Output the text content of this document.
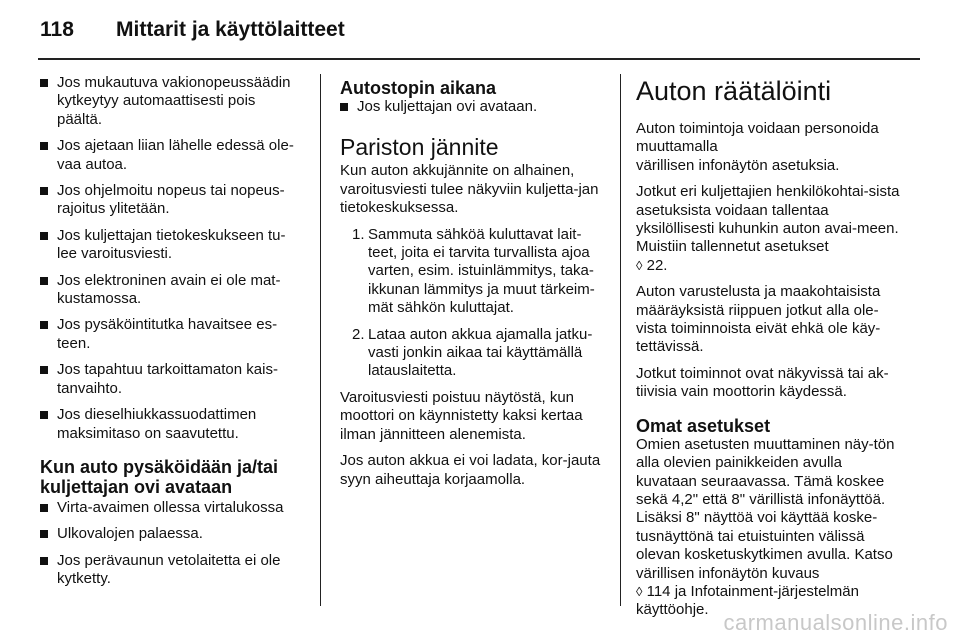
118 Mittarit ja käyttölaitteet
Jos mukautuva vakionopeussäädin kytkeytyy automaattisesti pois päältä.
Jos ajetaan liian lähelle edessä ole-vaa autoa.
Jos ohjelmoitu nopeus tai nopeus-rajoitus ylitetään.
Jos kuljettajan tietokeskukseen tu-lee varoitusviesti.
Jos elektroninen avain ei ole mat-kustamossa.
Jos pysäköintitutka havaitsee es-teen.
Jos tapahtuu tarkoittamaton kais-tanvaihto.
Jos dieselhiukkassuodattimen maksimitaso on saavutettu.
Kun auto pysäköidään ja/tai kuljettajan ovi avataan
Virta-avaimen ollessa virtalukossa
Ulkovalojen palaessa.
Jos perävaunun vetolaitetta ei ole kytketty.
Autostopin aikana
Jos kuljettajan ovi avataan.
Pariston jännite

Kun auton akkujännite on alhainen, varoitusviesti tulee näkyviin kuljetta-jan tietokeskuksessa.

1. Sammuta sähköä kuluttavat lait-teet, joita ei tarvita turvallista ajoa varten, esim. istuinlämmitys, taka-ikkunan lämmitys ja muut tärkeim-mät sähkön kuluttajat.
2. Lataa auton akkua ajamalla jatku-vasti jonkin aikaa tai käyttämällä latauslaitetta.

Varoitusviesti poistuu näytöstä, kun moottori on käynnistetty kaksi kertaa ilman jännitteen alenemista.

Jos auton akkua ei voi ladata, kor-jauta syyn aiheuttaja korjaamolla.

Auton räätälöinti

Auton toimintoja voidaan personoida muuttamalla

värillisen infonäytön asetuksia.

Jotkut eri kuljettajien henkilökohtai-sista asetuksista voidaan tallentaa yksilöllisesti kuhunkin auton avai-meen. Muistiin tallennetut asetukset
◊ 22.

Auton varustelusta ja maakohtaisista määräyksistä riippuen jotkut alla ole-vista toiminnoista eivät ehkä ole käy-tettävissä.

Jotkut toiminnot ovat näkyvissä tai ak-tiivisia vain moottorin käydessä.

Omat asetukset

Omien asetusten muuttaminen näy-tön alla olevien painikkeiden avulla kuvataan seuraavassa. Tämä koskee sekä 4,2" että 8" värillistä infonäyttöä. Lisäksi 8" näyttöä voi käyttää koske-tusnäyttönä tai etuistuinten välissä olevan kosketuskytkimen avulla. Katso värillisen infonäytön kuvaus
◊ 114 ja Infotainment-järjestelmän käyttöohje.

carmanualsonline.info
